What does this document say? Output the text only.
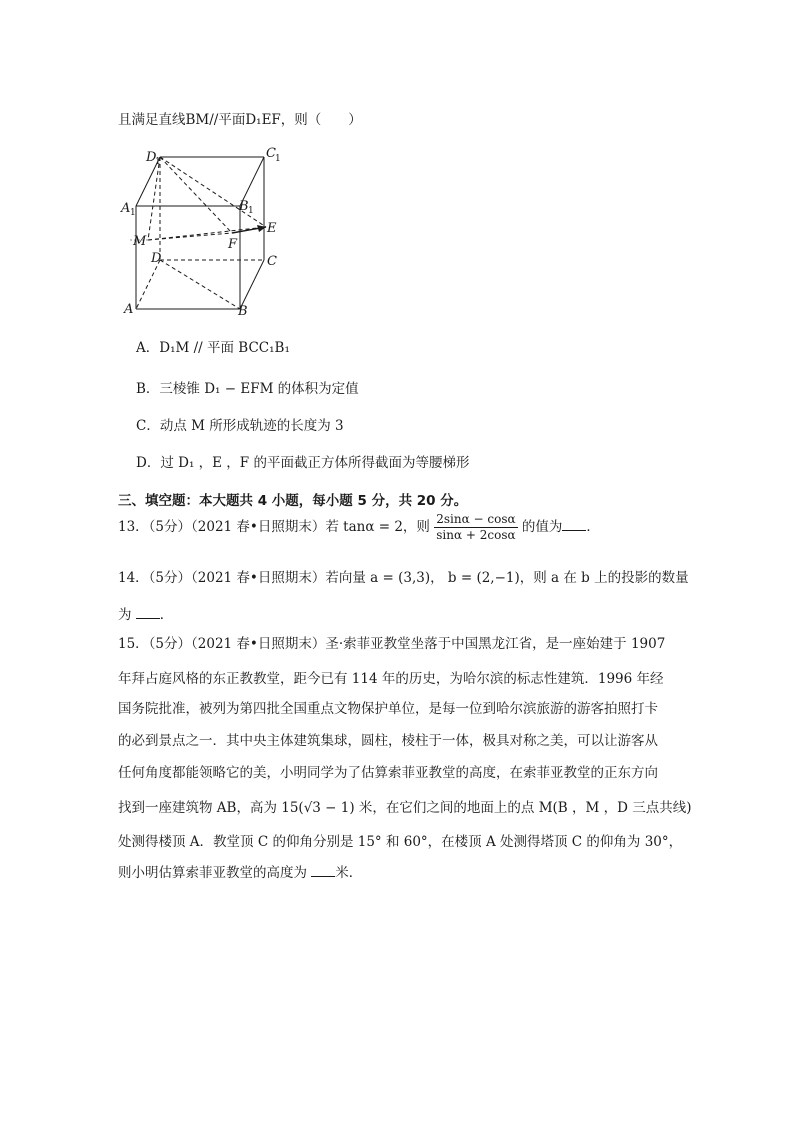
且满足直线BM//平面D₁EF，则（　　）
D
1
C 1
A 1	B 1
M	F
E
D	C
A	B
A．D₁M // 平面 BCC₁B₁
B．三棱锥 D₁ − EFM 的体积为定值
C．动点 M 所形成轨迹的长度为 3
D．过 D₁ ，E ，F 的平面截正方体所得截面为等腰梯形
三、填空题：本大题共 4 小题，每小题 5 分，共 20 分。
13．（5分）（2021 春•日照期末）若 tanα = 2，则 $\frac{2\sin\alpha - \cos\alpha}{\sin\alpha + 2\cos\alpha}$ 的值为 ．
14．（5分）（2021 春•日照期末）若向量 a = (3,3)， b = (2,−1)，则 a 在 b 上的投影的数量
为 ．
15．（5分）（2021 春•日照期末）圣·索菲亚教堂坐落于中国黑龙江省，是一座始建于 1907
年拜占庭风格的东正教教堂，距今已有 114 年的历史，为哈尔滨的标志性建筑．1996 年经
国务院批准，被列为第四批全国重点文物保护单位，是每一位到哈尔滨旅游的游客拍照打卡
的必到景点之一．其中央主体建筑集球，圆柱，棱柱于一体，极具对称之美，可以让游客从
任何角度都能领略它的美，小明同学为了估算索菲亚教堂的高度，在索菲亚教堂的正东方向
找到一座建筑物 AB，高为 15(√3 − 1) 米，在它们之间的地面上的点 M(B ，M ，D 三点共线)
处测得楼顶 A．教堂顶 C 的仰角分别是 15° 和 60°，在楼顶 A 处测得塔顶 C 的仰角为 30°，
则小明估算索菲亚教堂的高度为 米．
